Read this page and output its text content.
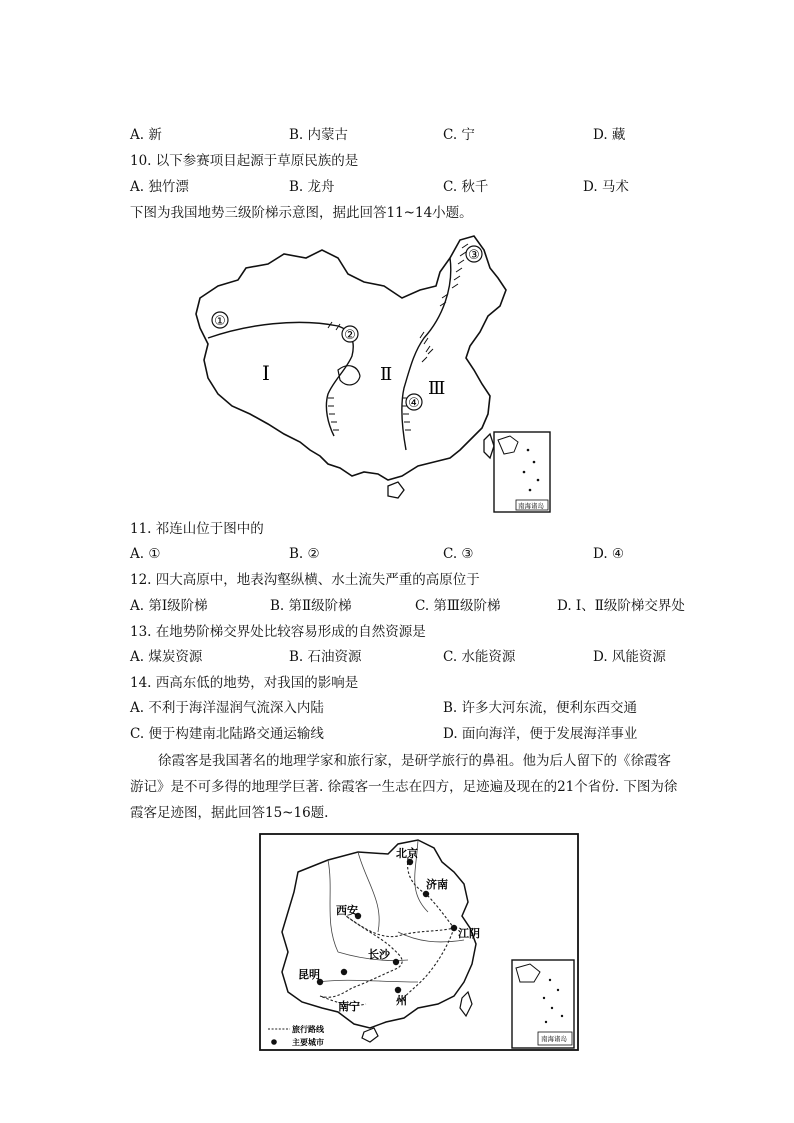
A. 新	B. 内蒙古	C. 宁	D. 藏
10. 以下参赛项目起源于草原民族的是
A. 独竹漂	B. 龙舟	C. 秋千	D. 马术
下图为我国地势三级阶梯示意图，据此回答11~14小题。
南海诸岛
①
②
③
④
Ⅰ	Ⅱ
Ⅲ
11. 祁连山位于图中的
A. ①	B. ②	C. ③	D. ④
12. 四大高原中，地表沟壑纵横、水土流失严重的高原位于
A. 第Ⅰ级阶梯	B. 第Ⅱ级阶梯	C. 第Ⅲ级阶梯	D. Ⅰ、Ⅱ级阶梯交界处
13. 在地势阶梯交界处比较容易形成的自然资源是
A. 煤炭资源	B. 石油资源	C. 水能资源	D. 风能资源
14. 西高东低的地势，对我国的影响是
A. 不利于海洋湿润气流深入内陆	B. 许多大河东流，便利东西交通
C. 便于构建南北陆路交通运输线	D. 面向海洋，便于发展海洋事业
徐霞客是我国著名的地理学家和旅行家，是研学旅行的鼻祖。他为后人留下的《徐霞客
游记》是不可多得的地理学巨著. 徐霞客一生志在四方，足迹遍及现在的21个省份. 下图为徐
霞客足迹图，据此回答15~16题.
北京
济南
西安
江阴
长沙
昆明
南宁	州
旅行路线
主要城市	南海诸岛
